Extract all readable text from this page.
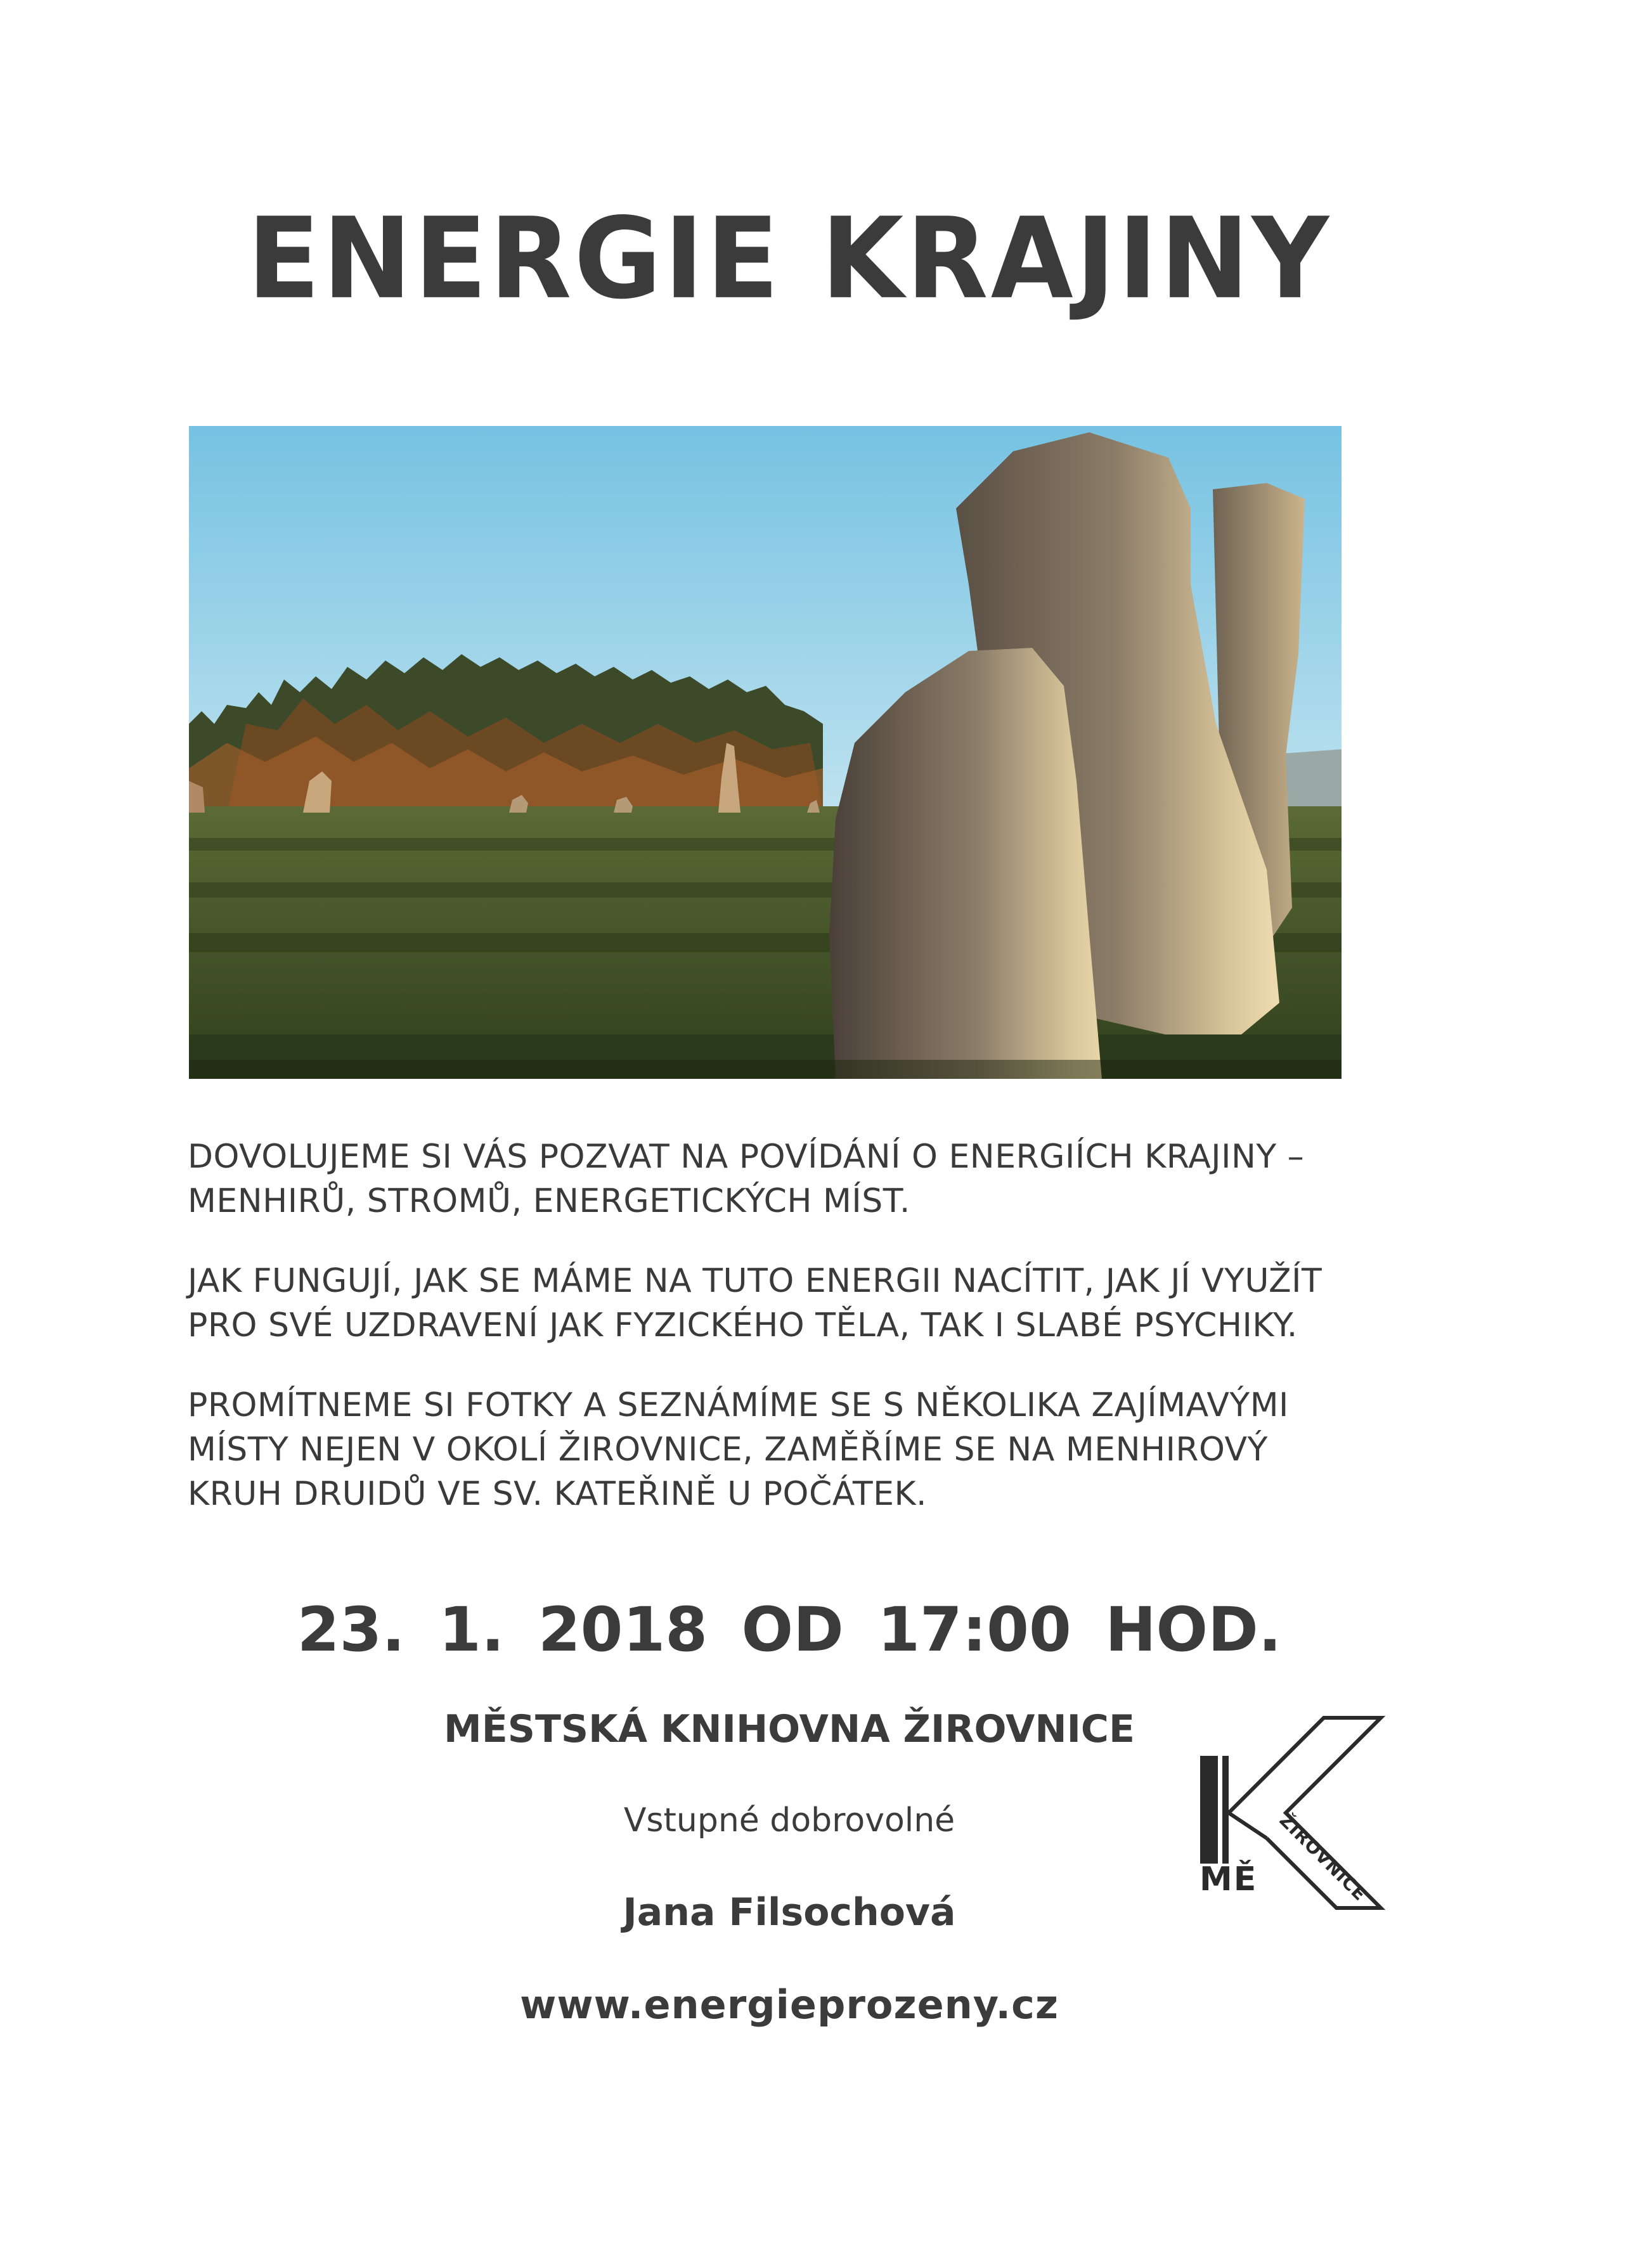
ENERGIE KRAJINY

DOVOLUJEME SI VÁS POZVAT NA POVÍDÁNÍ O ENERGIÍCH KRAJINY –
MENHIRŮ, STROMŮ, ENERGETICKÝCH MÍST.

JAK FUNGUJÍ, JAK SE MÁME NA TUTO ENERGII NACÍTIT, JAK JÍ VYUŽÍT
PRO SVÉ UZDRAVENÍ JAK FYZICKÉHO TĚLA, TAK I SLABÉ PSYCHIKY.

PROMÍTNEME SI FOTKY A SEZNÁMÍME SE S NĚKOLIKA ZAJÍMAVÝMI
MÍSTY NEJEN V OKOLÍ ŽIROVNICE, ZAMĚŘÍME SE NA MENHIROVÝ
KRUH DRUIDŮ VE SV. KATEŘINĚ U POČÁTEK.

23. 1. 2018 OD 17:00 HOD.
MĚSTSKÁ KNIHOVNA ŽIROVNICE
Vstupné dobrovolné
Jana Filsochová
www.energieprozeny.cz
MĚ ŽIROVNICE
